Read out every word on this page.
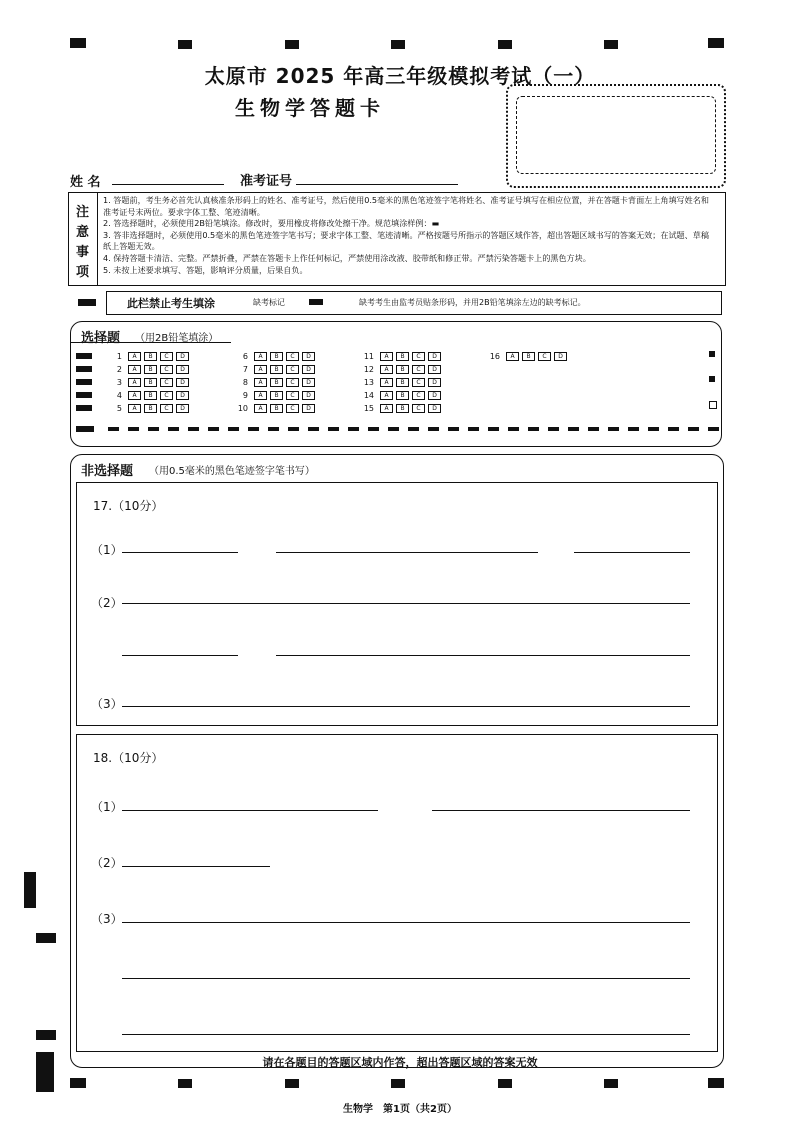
太原市 2025 年高三年级模拟考试（一）
生物学答题卡
姓 名	准考证号
注
意
事
项
1. 答题前，考生务必首先认真核准条形码上的姓名、准考证号，然后使用0.5毫米的黑色笔迹签字笔将姓名、准考证号填写在相应位置，并在答题卡背面左上角填写姓名和准考证号末两位。要求字体工整、笔迹清晰。
2. 答选择题时，必须使用2B铅笔填涂。修改时，要用橡皮将修改处擦干净。规范填涂样例：▬
3. 答非选择题时，必须使用0.5毫米的黑色笔迹签字笔书写；要求字体工整、笔迹清晰。严格按题号所指示的答题区域作答，超出答题区域书写的答案无效；在试题、草稿纸上答题无效。
4. 保持答题卡清洁、完整。严禁折叠，严禁在答题卡上作任何标记，严禁使用涂改液、胶带纸和修正带。严禁污染答题卡上的黑色方块。
5. 未按上述要求填写、答题，影响评分质量，后果自负。
此栏禁止考生填涂	缺考标记	缺考考生由监考员贴条形码，并用2B铅笔填涂左边的缺考标记。
选择题 （用2B铅笔填涂）
1 A B C D
2 A B C D
3 A B C D
4 A B C D
5 A B C D
6 A B C D
7 A B C D
8 A B C D
9 A B C D
10 A B C D
11 A B C D
12 A B C D
13 A B C D
14 A B C D
15 A B C D
16 A B C D
非选择题 （用0.5毫米的黑色笔迹签字笔书写）
17.（10分）
（1）
（2）
（3）
18.（10分）
（1）
（2）
（3）
请在各题目的答题区域内作答，超出答题区域的答案无效
生物学　第1页（共2页）
